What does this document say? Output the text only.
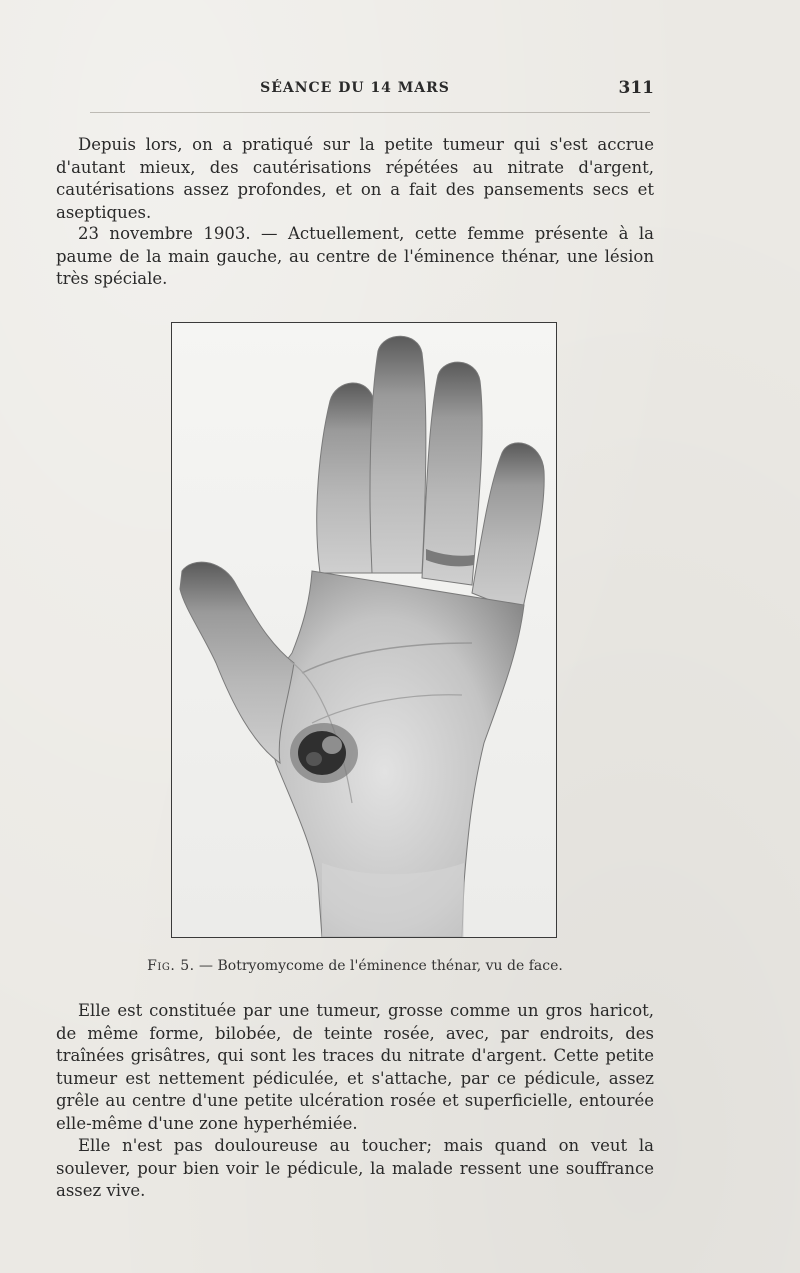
SÉANCE DU 14 MARS	311

Depuis lors, on a pratiqué sur la petite tumeur qui s'est accrue d'autant mieux, des cautérisations répétées au nitrate d'argent, cautérisations assez profondes, et on a fait des pansements secs et aseptiques.

23 novembre 1903. — Actuellement, cette femme présente à la paume de la main gauche, au centre de l'éminence thénar, une lésion très spéciale.

Fig. 5. — Botryomycome de l'éminence thénar, vu de face.

Elle est constituée par une tumeur, grosse comme un gros haricot, de même forme, bilobée, de teinte rosée, avec, par endroits, des traînées grisâtres, qui sont les traces du nitrate d'argent. Cette petite tumeur est nettement pédiculée, et s'attache, par ce pédicule, assez grêle au centre d'une petite ulcération rosée et superficielle, entourée elle-même d'une zone hyperhémiée.

Elle n'est pas douloureuse au toucher; mais quand on veut la soulever, pour bien voir le pédicule, la malade ressent une souffrance assez vive.
